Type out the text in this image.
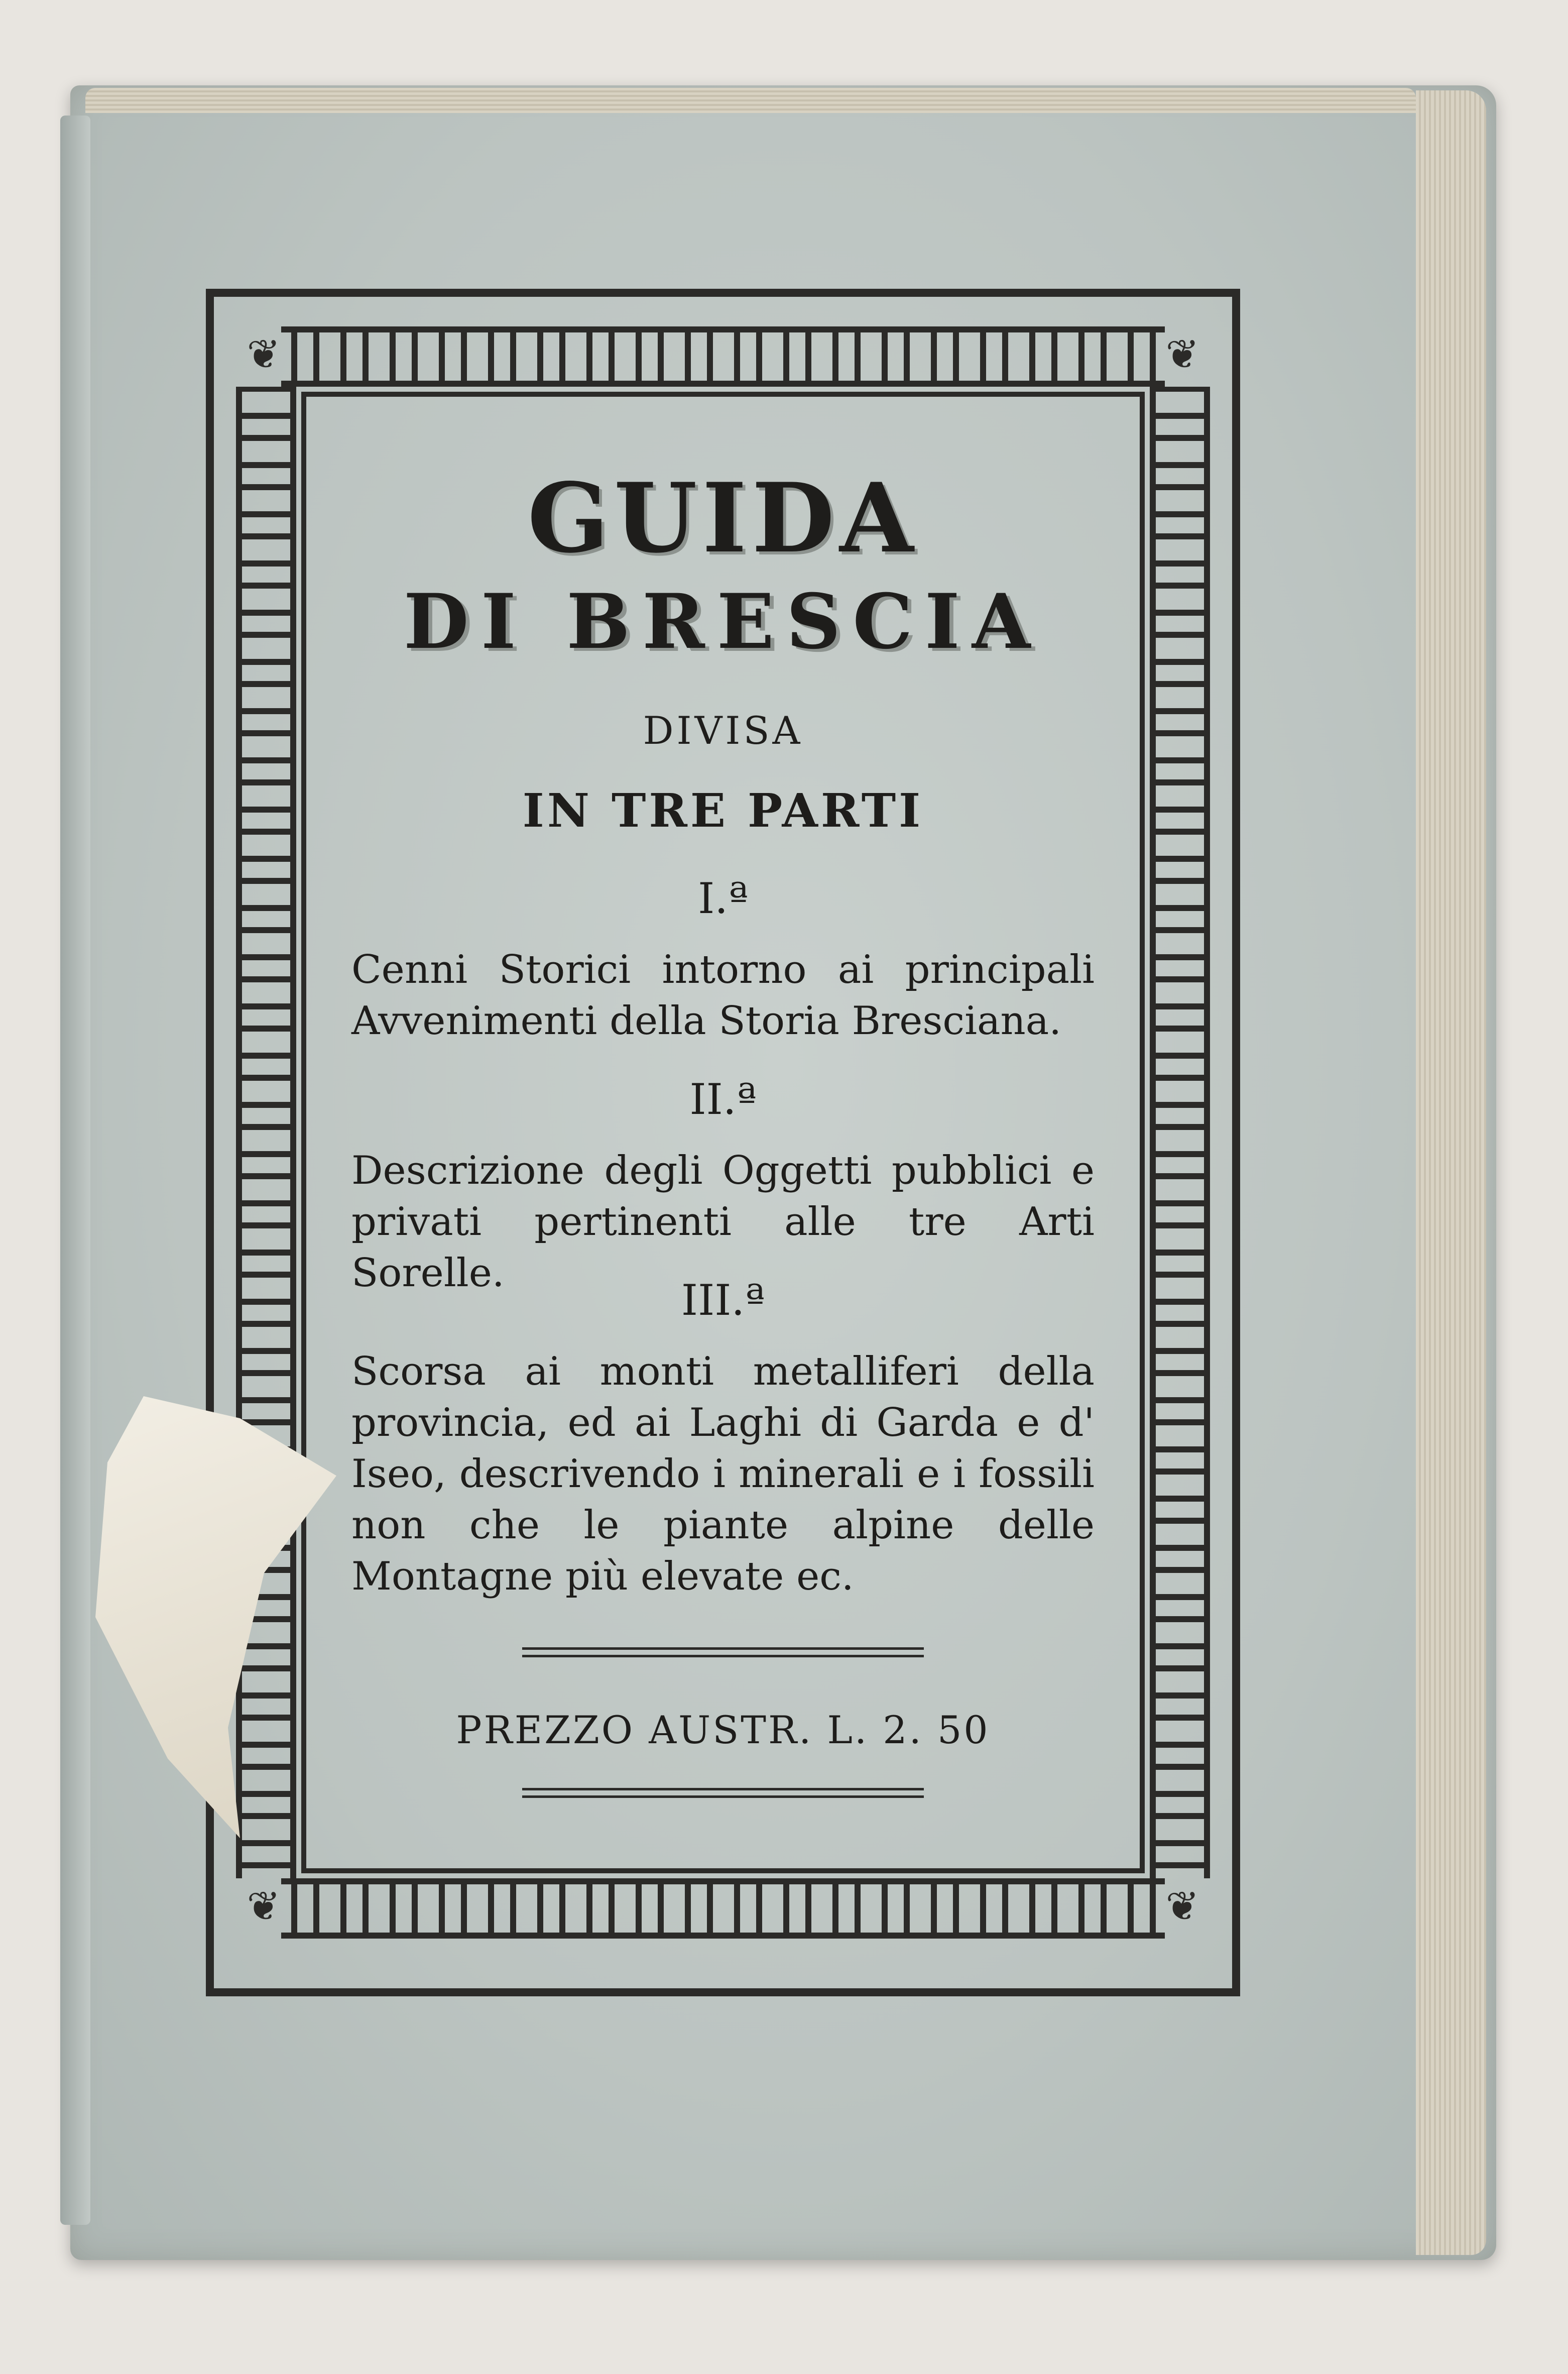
❦	❦
❦	❦
GUIDA
DI BRESCIA
DIVISA
IN TRE PARTI
I.ª
Cenni Storici intorno ai principali Avvenimenti della Storia Bresciana.
II.ª
Descrizione degli Oggetti pubblici e privati pertinenti alle tre Arti Sorelle.
III.ª
Scorsa ai monti metalliferi della provincia, ed ai Laghi di Garda e d' Iseo, descrivendo i minerali e i fossili non che le piante alpine delle Montagne più elevate ec.
PREZZO AUSTR. L. 2. 50
